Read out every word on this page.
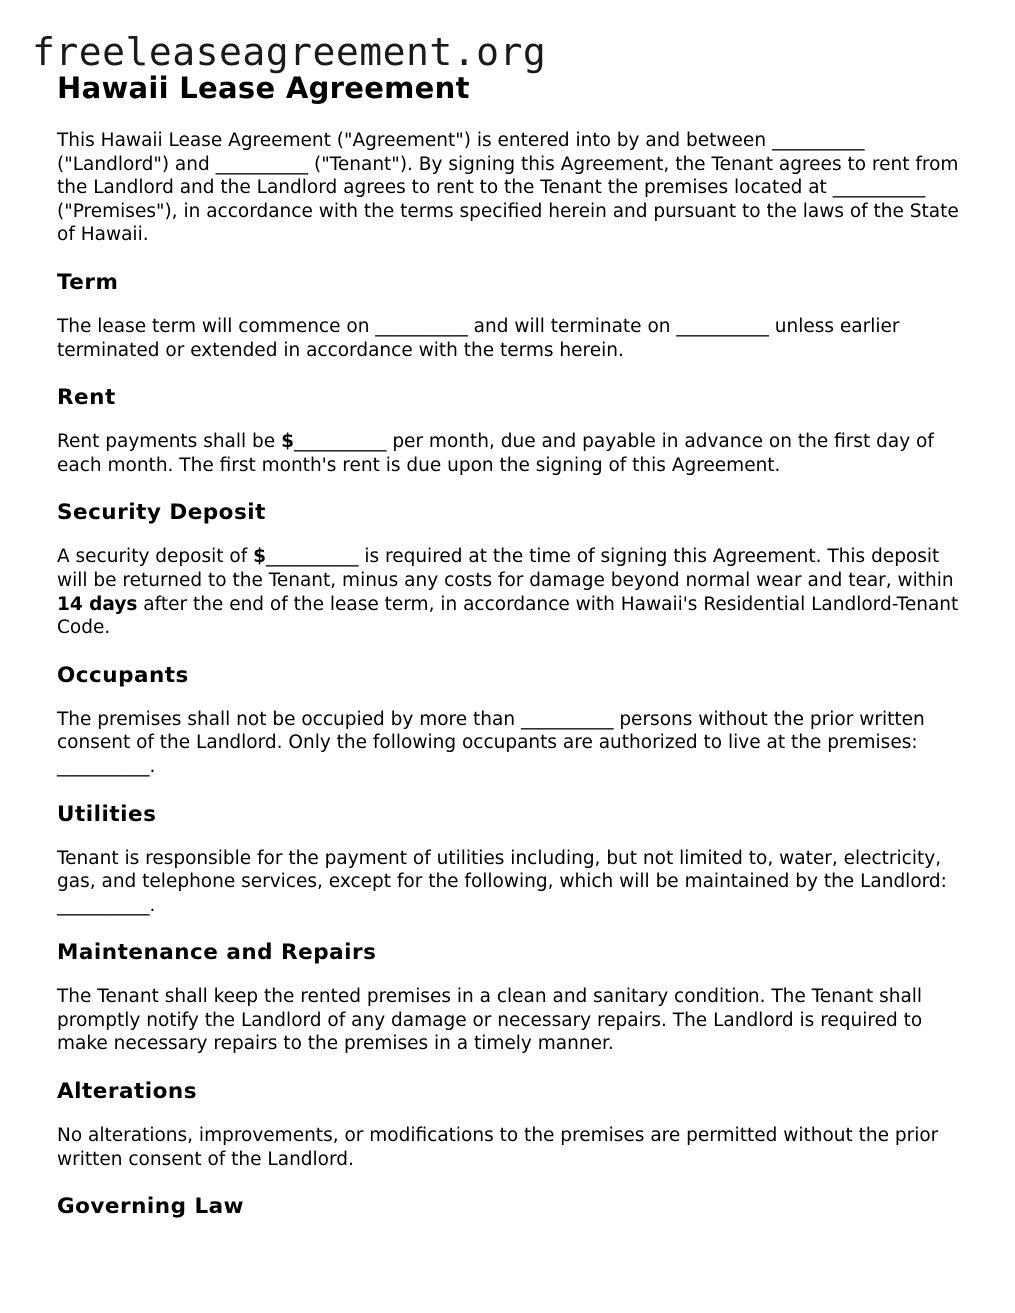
freeleaseagreement.org
Hawaii Lease Agreement

This Hawaii Lease Agreement ("Agreement") is entered into by and between __________ ("Landlord") and __________ ("Tenant"). By signing this Agreement, the Tenant agrees to rent from the Landlord and the Landlord agrees to rent to the Tenant the premises located at __________ ("Premises"), in accordance with the terms specified herein and pursuant to the laws of the State of Hawaii.

Term

The lease term will commence on __________ and will terminate on __________ unless earlier terminated or extended in accordance with the terms herein.

Rent

Rent payments shall be $__________ per month, due and payable in advance on the first day of each month. The first month's rent is due upon the signing of this Agreement.

Security Deposit

A security deposit of $__________ is required at the time of signing this Agreement. This deposit will be returned to the Tenant, minus any costs for damage beyond normal wear and tear, within 14 days after the end of the lease term, in accordance with Hawaii's Residential Landlord-Tenant Code.

Occupants

The premises shall not be occupied by more than __________ persons without the prior written consent of the Landlord. Only the following occupants are authorized to live at the premises: __________.

Utilities

Tenant is responsible for the payment of utilities including, but not limited to, water, electricity, gas, and telephone services, except for the following, which will be maintained by the Landlord: __________.

Maintenance and Repairs

The Tenant shall keep the rented premises in a clean and sanitary condition. The Tenant shall promptly notify the Landlord of any damage or necessary repairs. The Landlord is required to make necessary repairs to the premises in a timely manner.

Alterations

No alterations, improvements, or modifications to the premises are permitted without the prior written consent of the Landlord.

Governing Law
